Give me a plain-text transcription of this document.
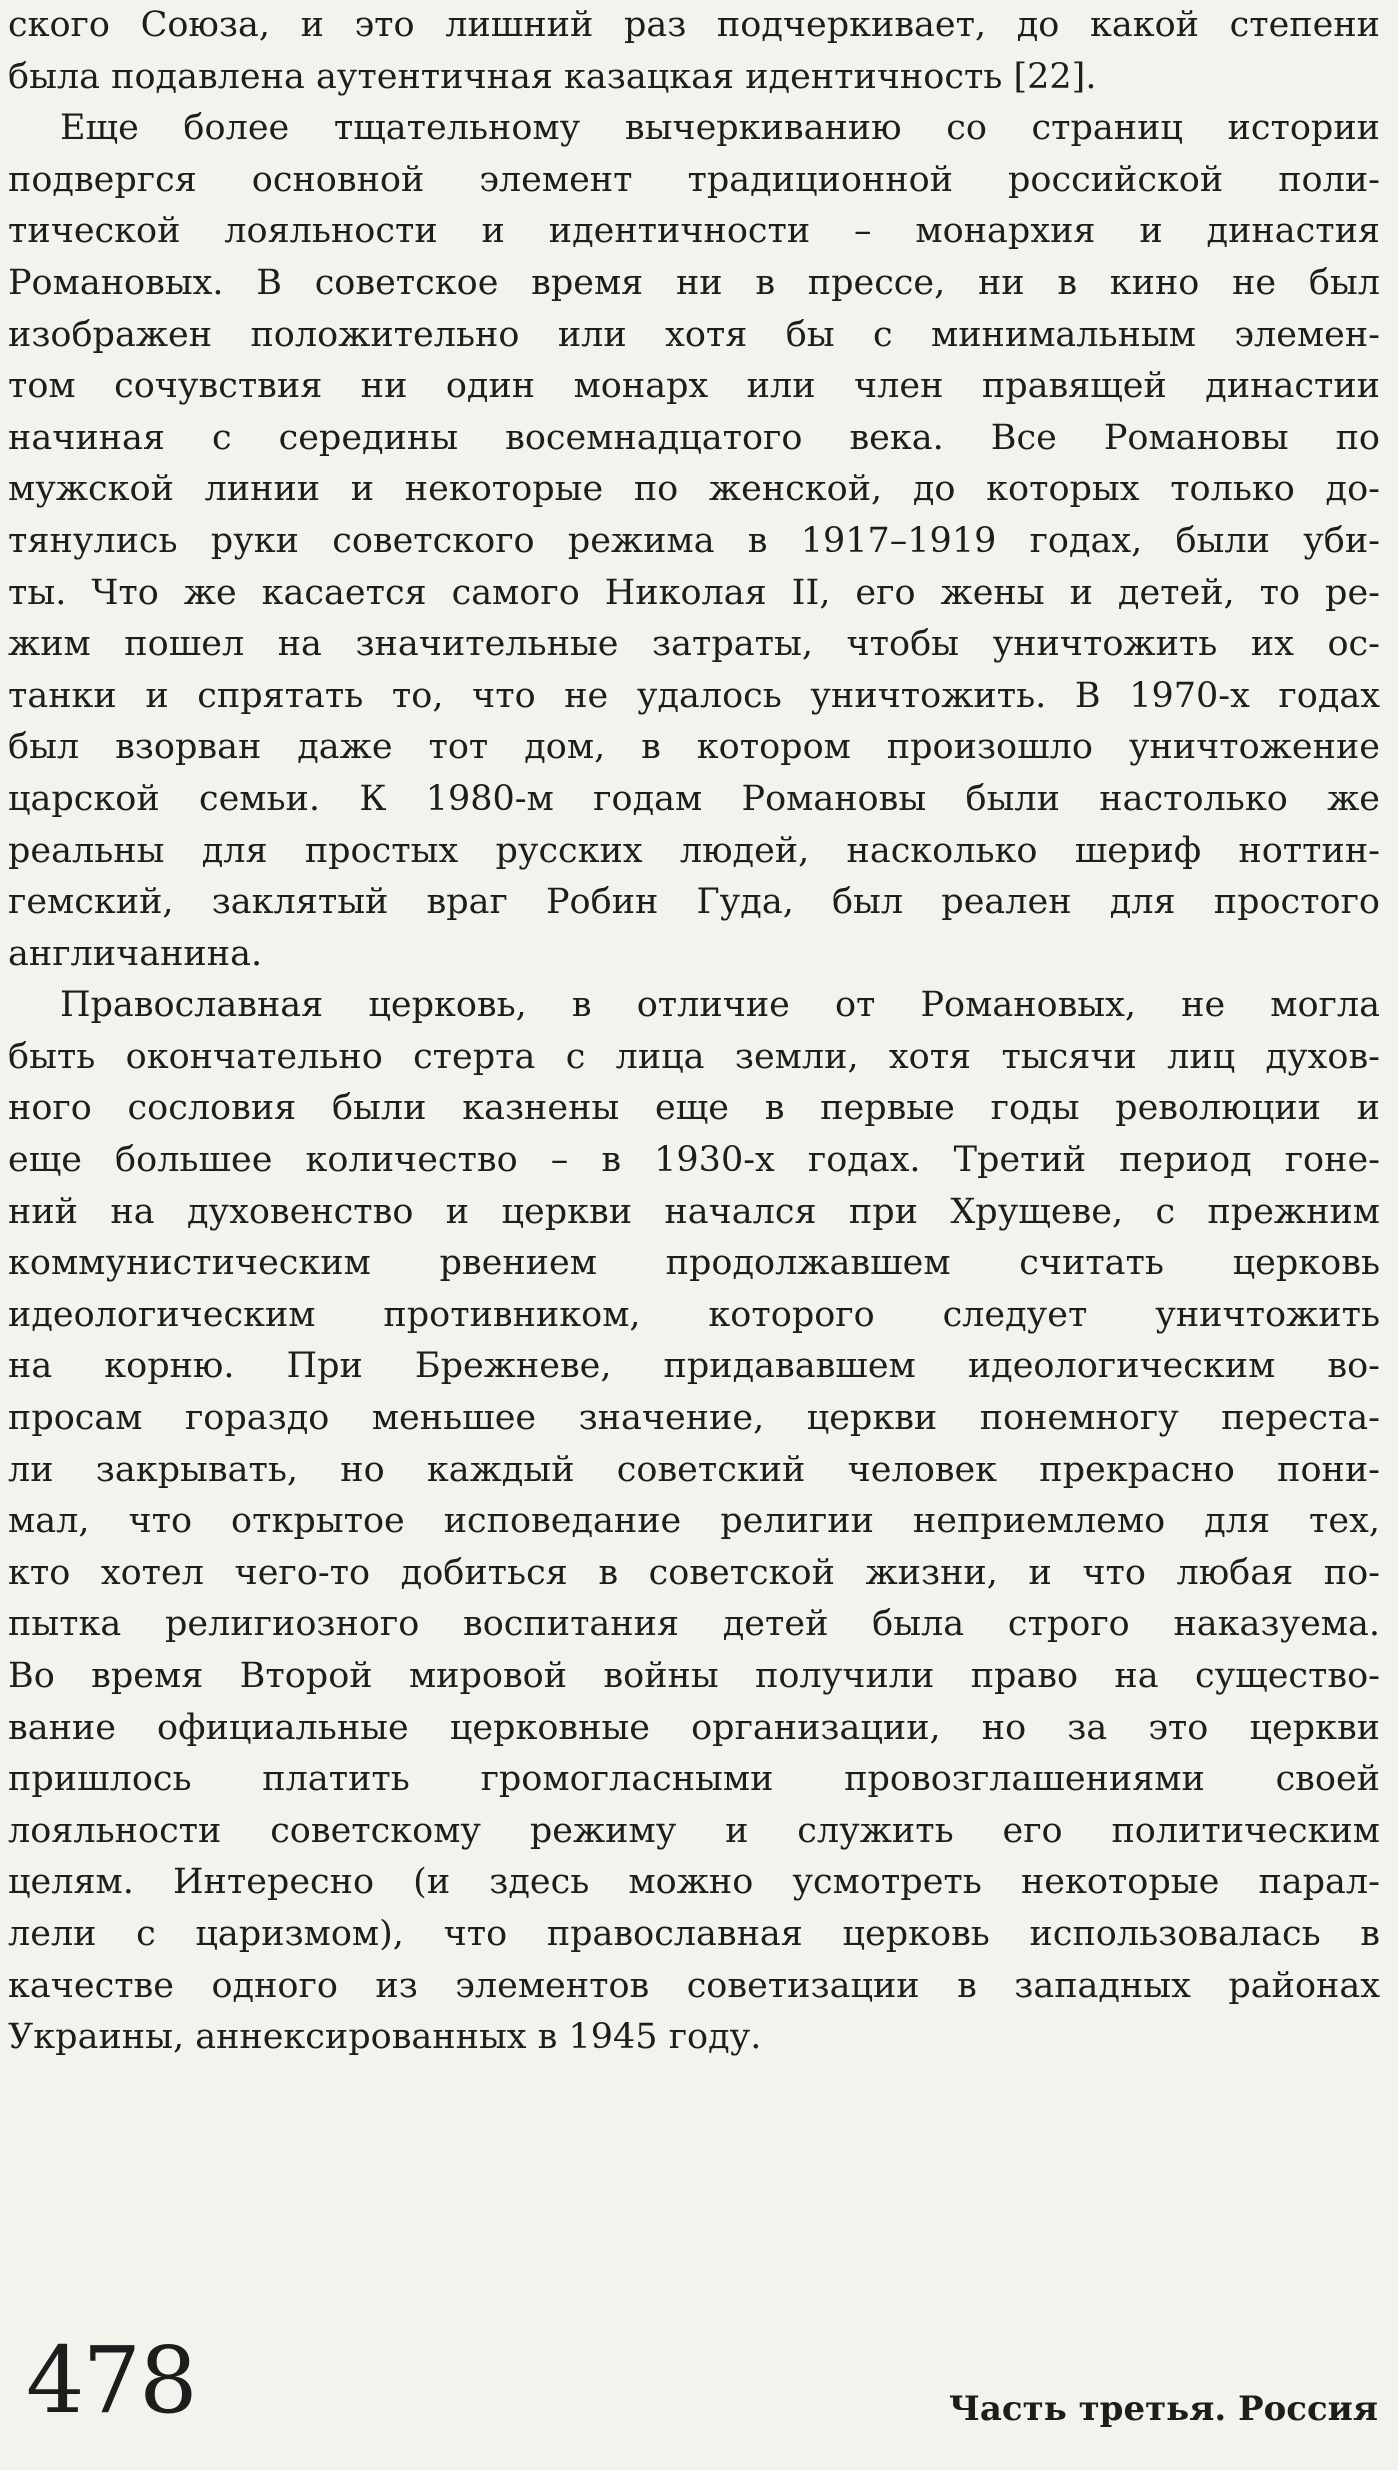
ского Союза, и это лишний раз подчеркивает, до какой степени
была подавлена аутентичная казацкая идентичность [22].
Еще более тщательному вычеркиванию со страниц истории
подвергся основной элемент традиционной российской поли-
тической лояльности и идентичности – монархия и династия
Романовых. В советское время ни в прессе, ни в кино не был
изображен положительно или хотя бы с минимальным элемен-
том сочувствия ни один монарх или член правящей династии
начиная с середины восемнадцатого века. Все Романовы по
мужской линии и некоторые по женской, до которых только до-
тянулись руки советского режима в 1917–1919 годах, были уби-
ты. Что же касается самого Николая II, его жены и детей, то ре-
жим пошел на значительные затраты, чтобы уничтожить их ос-
танки и спрятать то, что не удалось уничтожить. В 1970-х годах
был взорван даже тот дом, в котором произошло уничтожение
царской семьи. К 1980-м годам Романовы были настолько же
реальны для простых русских людей, насколько шериф ноттин-
гемский, заклятый враг Робин Гуда, был реален для простого
англичанина.
Православная церковь, в отличие от Романовых, не могла
быть окончательно стерта с лица земли, хотя тысячи лиц духов-
ного сословия были казнены еще в первые годы революции и
еще большее количество – в 1930-х годах. Третий период гоне-
ний на духовенство и церкви начался при Хрущеве, с прежним
коммунистическим рвением продолжавшем считать церковь
идеологическим противником, которого следует уничтожить
на корню. При Брежневе, придававшем идеологическим во-
просам гораздо меньшее значение, церкви понемногу переста-
ли закрывать, но каждый советский человек прекрасно пони-
мал, что открытое исповедание религии неприемлемо для тех,
кто хотел чего-то добиться в советской жизни, и что любая по-
пытка религиозного воспитания детей была строго наказуема.
Во время Второй мировой войны получили право на существо-
вание официальные церковные организации, но за это церкви
пришлось платить громогласными провозглашениями своей
лояльности советскому режиму и служить его политическим
целям. Интересно (и здесь можно усмотреть некоторые парал-
лели с царизмом), что православная церковь использовалась в
качестве одного из элементов советизации в западных районах
Украины, аннексированных в 1945 году.
478	Часть третья. Россия
